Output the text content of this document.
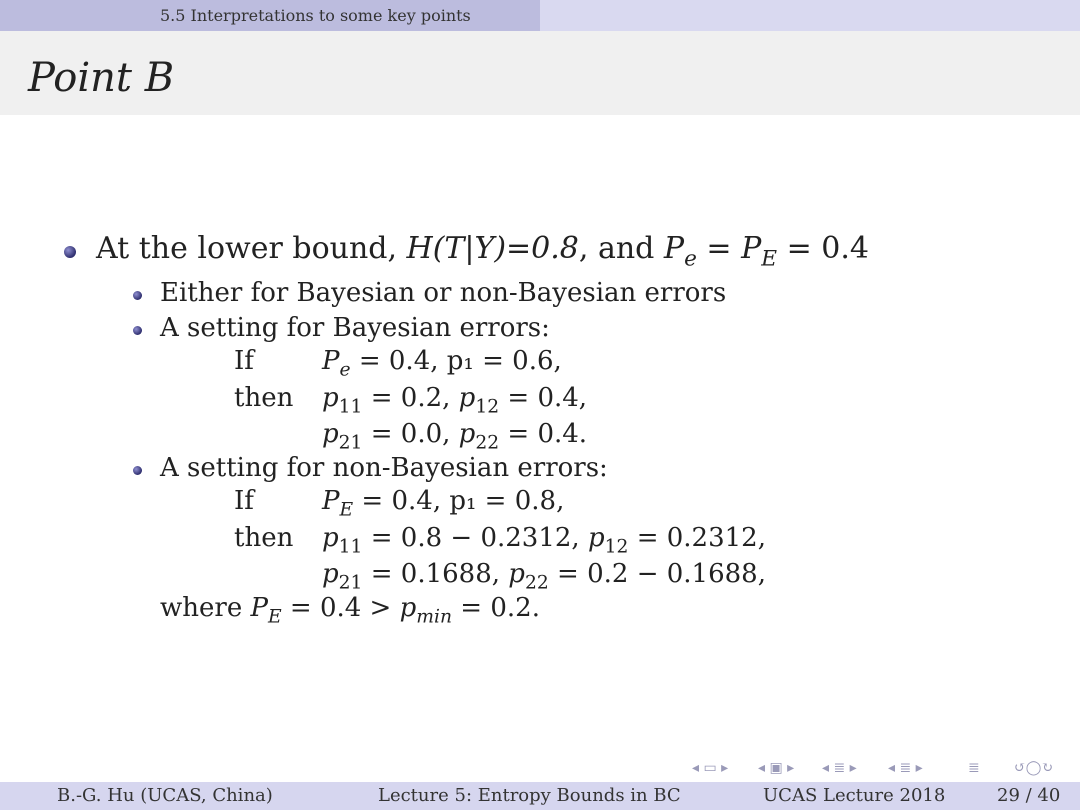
5.5 Interpretations to some key points
Point B
At the lower bound, H(T|Y)=0.8, and $P_e = P_E = 0.4$
Either for Bayesian or non-Bayesian errors
A setting for Bayesian errors:
If	$P_e = 0.4$, p₁ = 0.6,
then $p_{11} = 0.2$, $p_{12} = 0.4$,
$p_{21} = 0.0$, $p_{22} = 0.4$.
A setting for non-Bayesian errors:
If	$P_E = 0.4$, p₁ = 0.8,
then $p_{11} = 0.8 - 0.2312$, $p_{12} = 0.2312$,
$p_{21} = 0.1688$, $p_{22} = 0.2 - 0.1688$,
where $P_E = 0.4 > p_{min} = 0.2$.
◂ ▭ ▸ ◂ ▣ ▸ ◂ ≣ ▸ ◂ ≣ ▸	≣ ↺◯↻
B.-G. Hu (UCAS, China)	Lecture 5: Entropy Bounds in BC	UCAS Lecture 2018	29 / 40
